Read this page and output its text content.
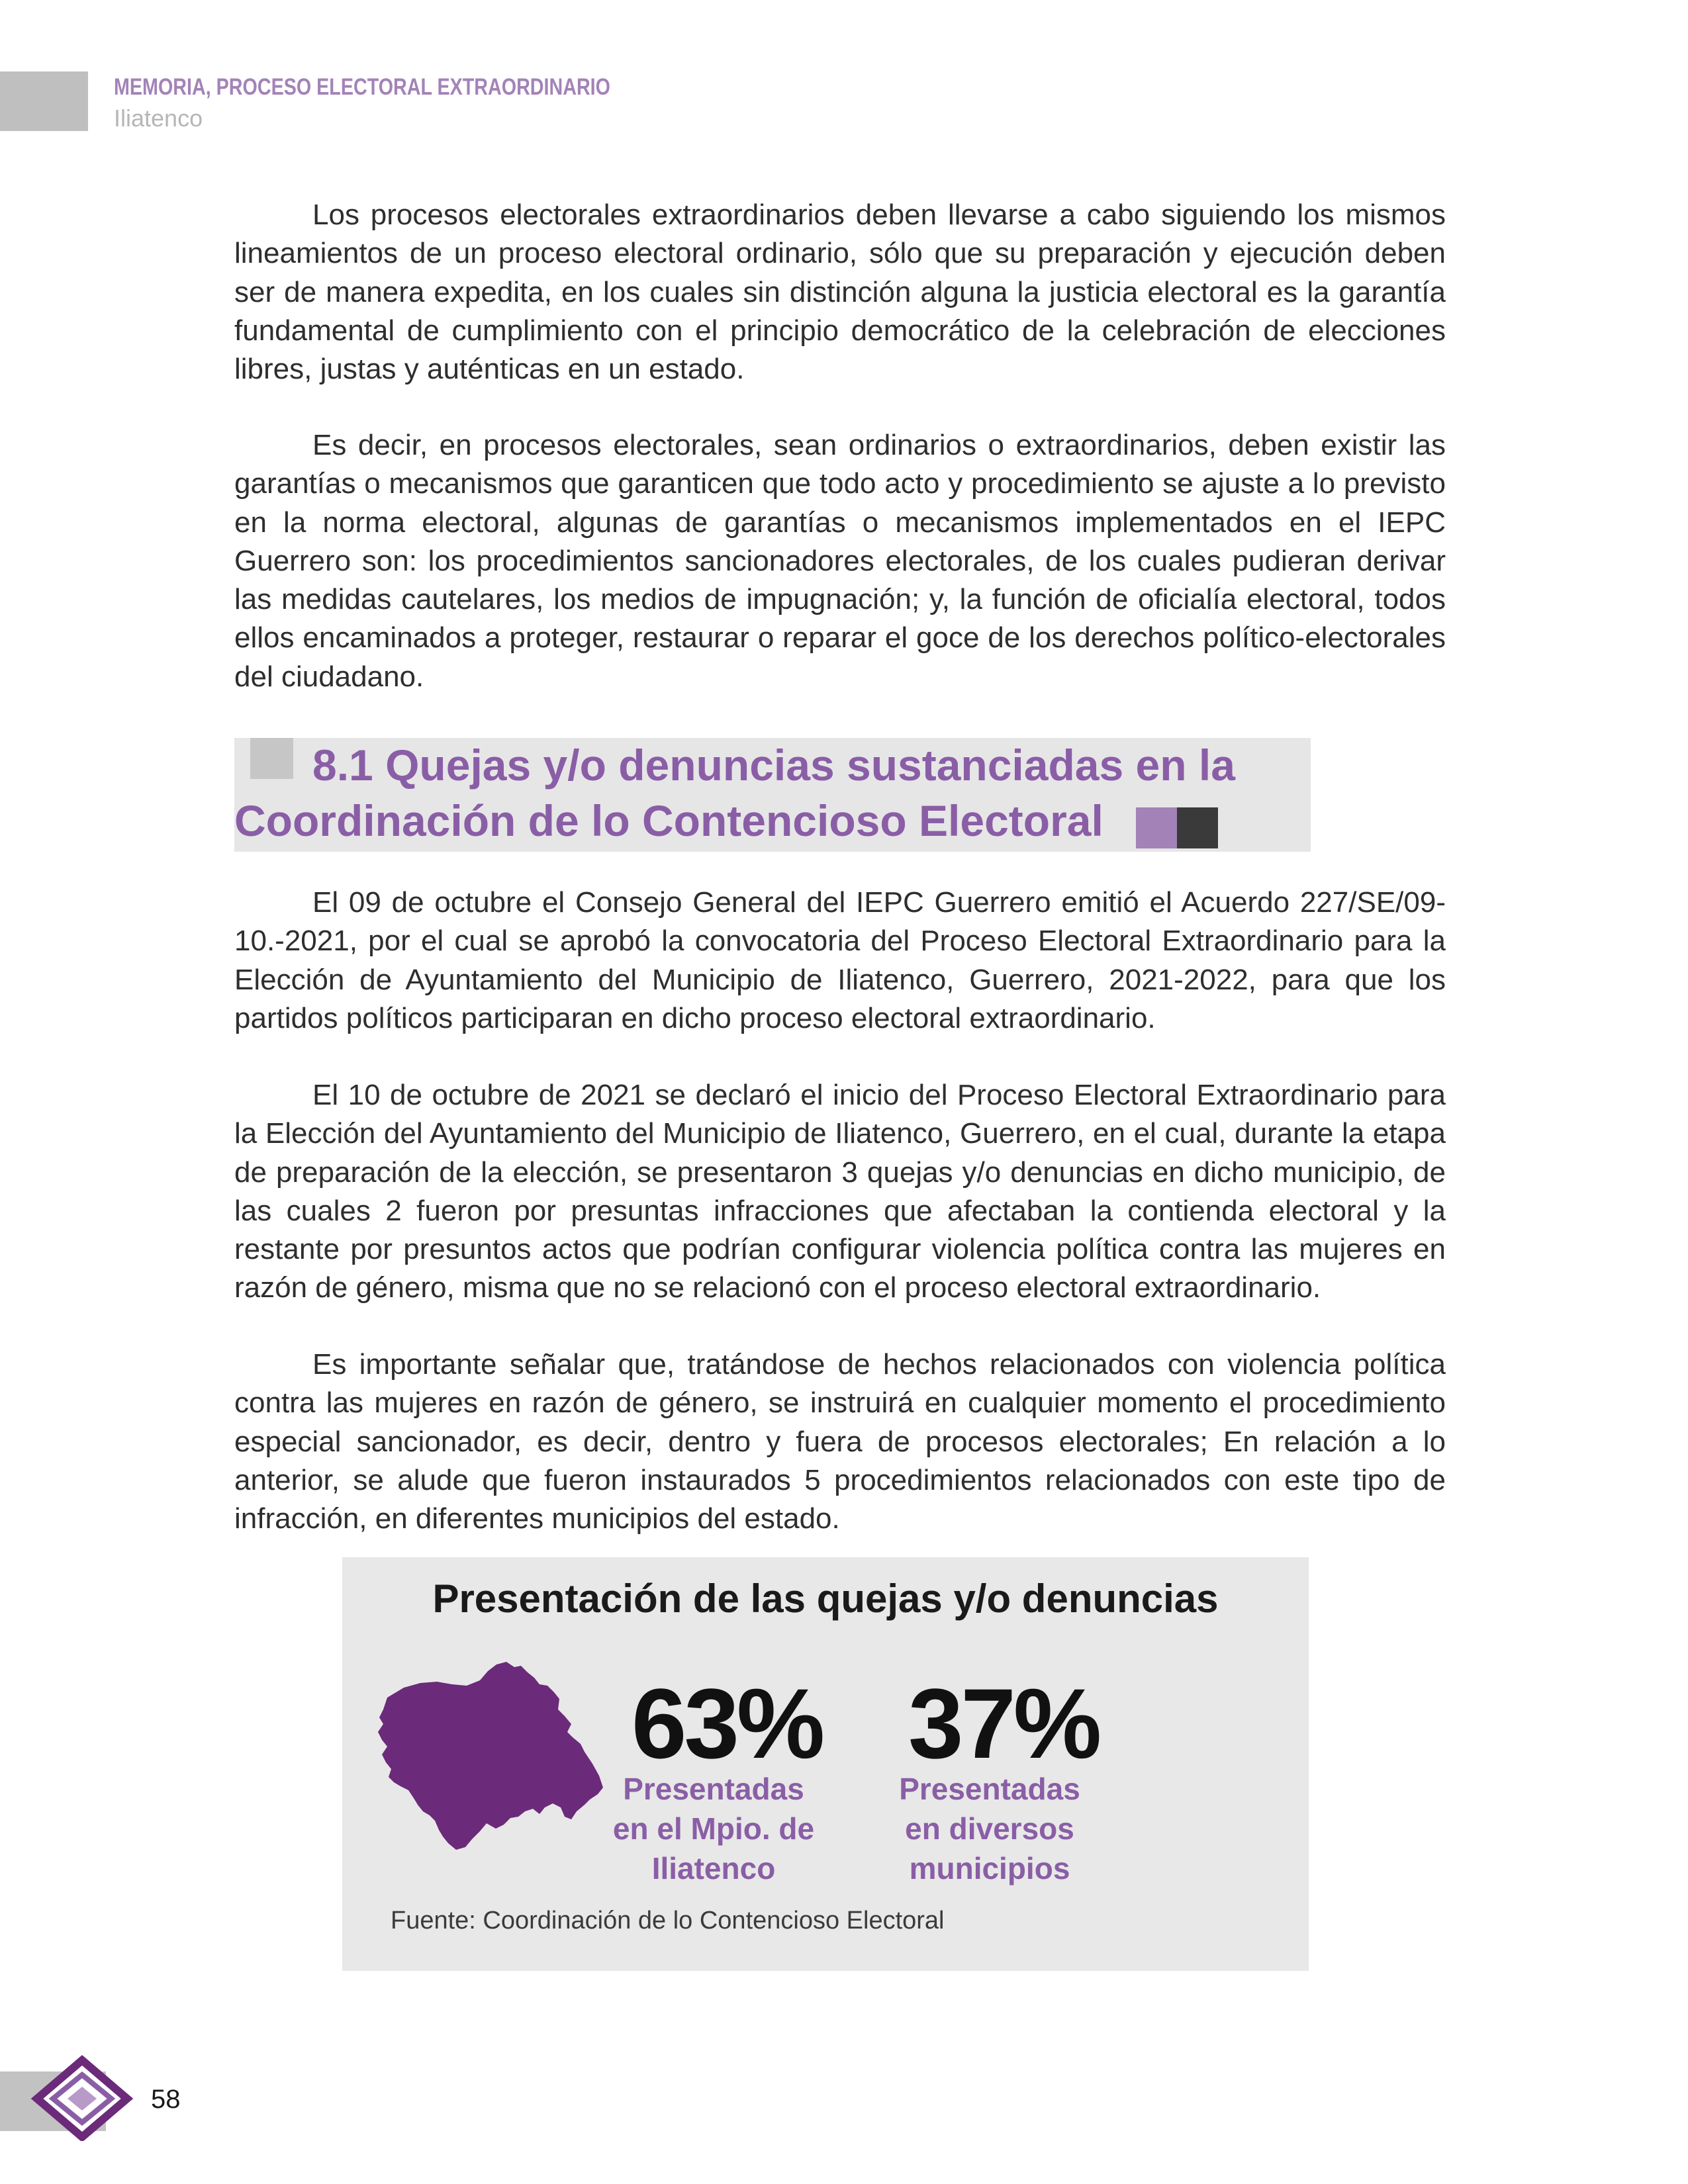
MEMORIA, PROCESO ELECTORAL EXTRAORDINARIO
Iliatenco

Los procesos electorales extraordinarios deben llevarse a cabo siguiendo los mismos lineamientos de un proceso electoral ordinario, sólo que su preparación y ejecución deben ser de manera expedita, en los cuales sin distinción alguna la justicia electoral es la garantía fundamental de cumplimiento con el principio democrático de la celebración de elecciones libres, justas y auténticas en un estado.

Es decir, en procesos electorales, sean ordinarios o extraordinarios, deben existir las garantías o mecanismos que garanticen que todo acto y procedimiento se ajuste a lo previsto en la norma electoral, algunas de garantías o mecanismos implementados en el IEPC Guerrero son: los procedimientos sancionadores electorales, de los cuales pudieran derivar las medidas cautelares, los medios de impugnación; y, la función de oficialía electoral, todos ellos encaminados a proteger, restaurar o reparar el goce de los derechos político-electorales del ciudadano.

8.1 Quejas y/o denuncias sustanciadas en la
Coordinación de lo Contencioso Electoral

El 09 de octubre el Consejo General del IEPC Guerrero emitió el Acuerdo 227/SE/09-10.-2021, por el cual se aprobó la convocatoria del Proceso Electoral Extraordinario para la Elección de Ayuntamiento del Municipio de Iliatenco, Guerrero, 2021-2022, para que los partidos políticos participaran en dicho proceso electoral extraordinario.

El 10 de octubre de 2021 se declaró el inicio del Proceso Electoral Extraordinario para la Elección del Ayuntamiento del Municipio de Iliatenco, Guerrero, en el cual, durante la etapa de preparación de la elección, se presentaron 3 quejas y/o denuncias en dicho municipio, de las cuales 2 fueron por presuntas infracciones que afectaban la contienda electoral y la restante por presuntos actos que podrían configurar violencia política contra las mujeres en razón de género, misma que no se relacionó con el proceso electoral extraordinario.

Es importante señalar que, tratándose de hechos relacionados con violencia política contra las mujeres en razón de género, se instruirá en cualquier momento el procedimiento especial sancionador, es decir, dentro y fuera de procesos electorales; En relación a lo anterior, se alude que fueron instaurados 5 procedimientos relacionados con este tipo de infracción, en diferentes municipios del estado.

Presentación de las quejas y/o denuncias
63% 37%
Presentadas
en el Mpio. de
Iliatenco
Presentadas
en diversos
municipios
Fuente: Coordinación de lo Contencioso Electoral
58
